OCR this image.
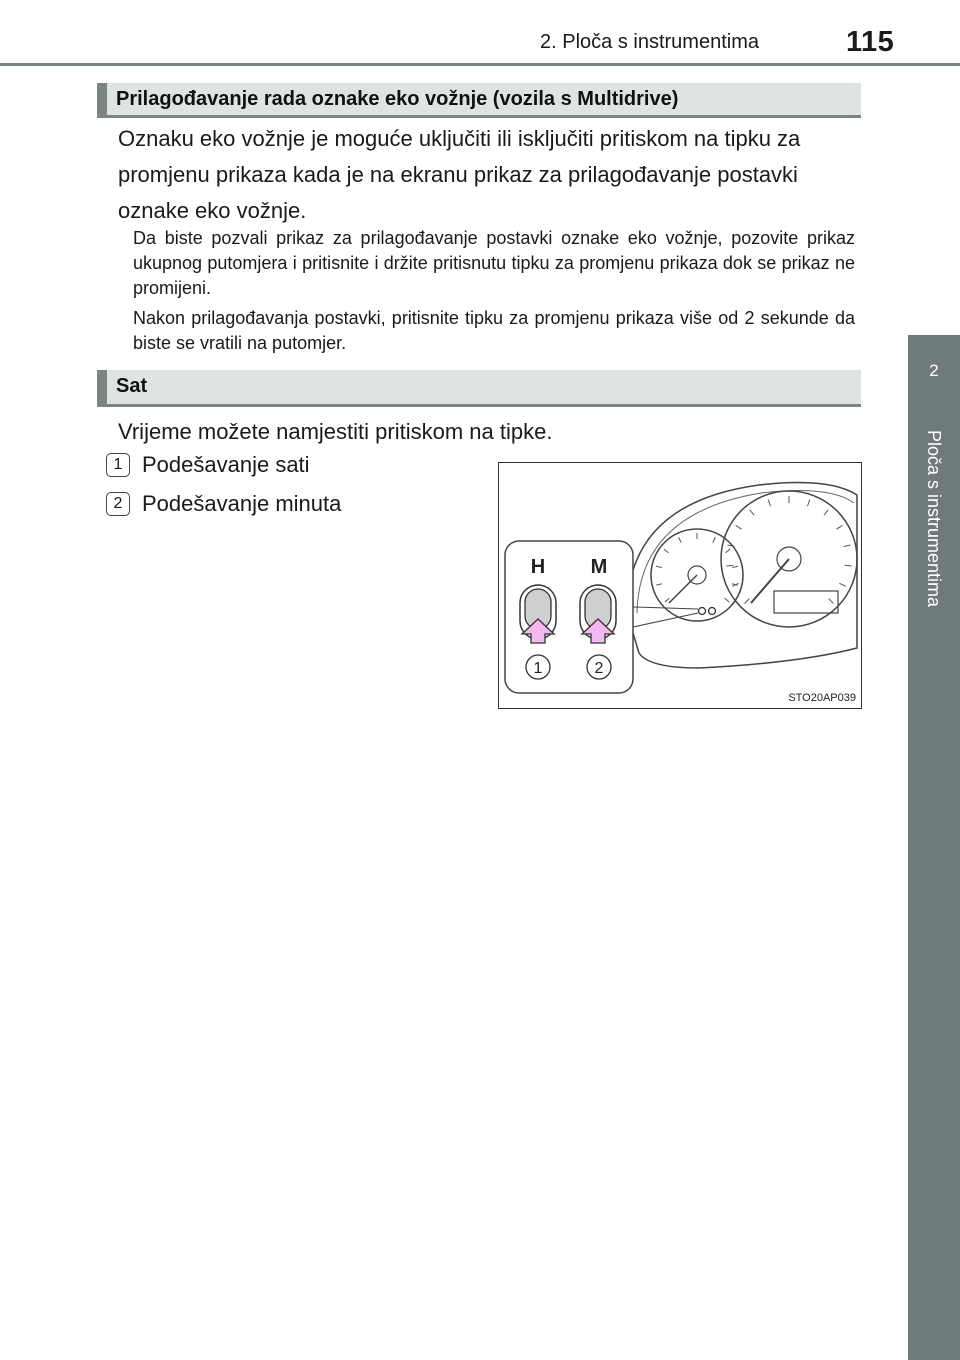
2. Ploča s instrumentima	115
2
Ploča s instrumentima
Prilagođavanje rada oznake eko vožnje (vozila s Multidrive)
Oznaku eko vožnje je moguće uključiti ili isključiti pritiskom na tipku za promjenu prikaza kada je na ekranu prikaz za prilagođavanje postavki oznake eko vožnje.
Da biste pozvali prikaz za prilagođavanje postavki oznake eko vožnje, pozovite prikaz ukupnog putomjera i pritisnite i držite pritisnutu tipku za promjenu prikaza dok se prikaz ne promijeni.
Nakon prilagođavanja postavki, pritisnite tipku za promjenu prikaza više od 2 sekunde da biste se vratili na putomjer.
Sat
Vrijeme možete namjestiti pritiskom na tipke.
1 Podešavanje sati
2 Podešavanje minuta
H M
1	2
STO20AP039
